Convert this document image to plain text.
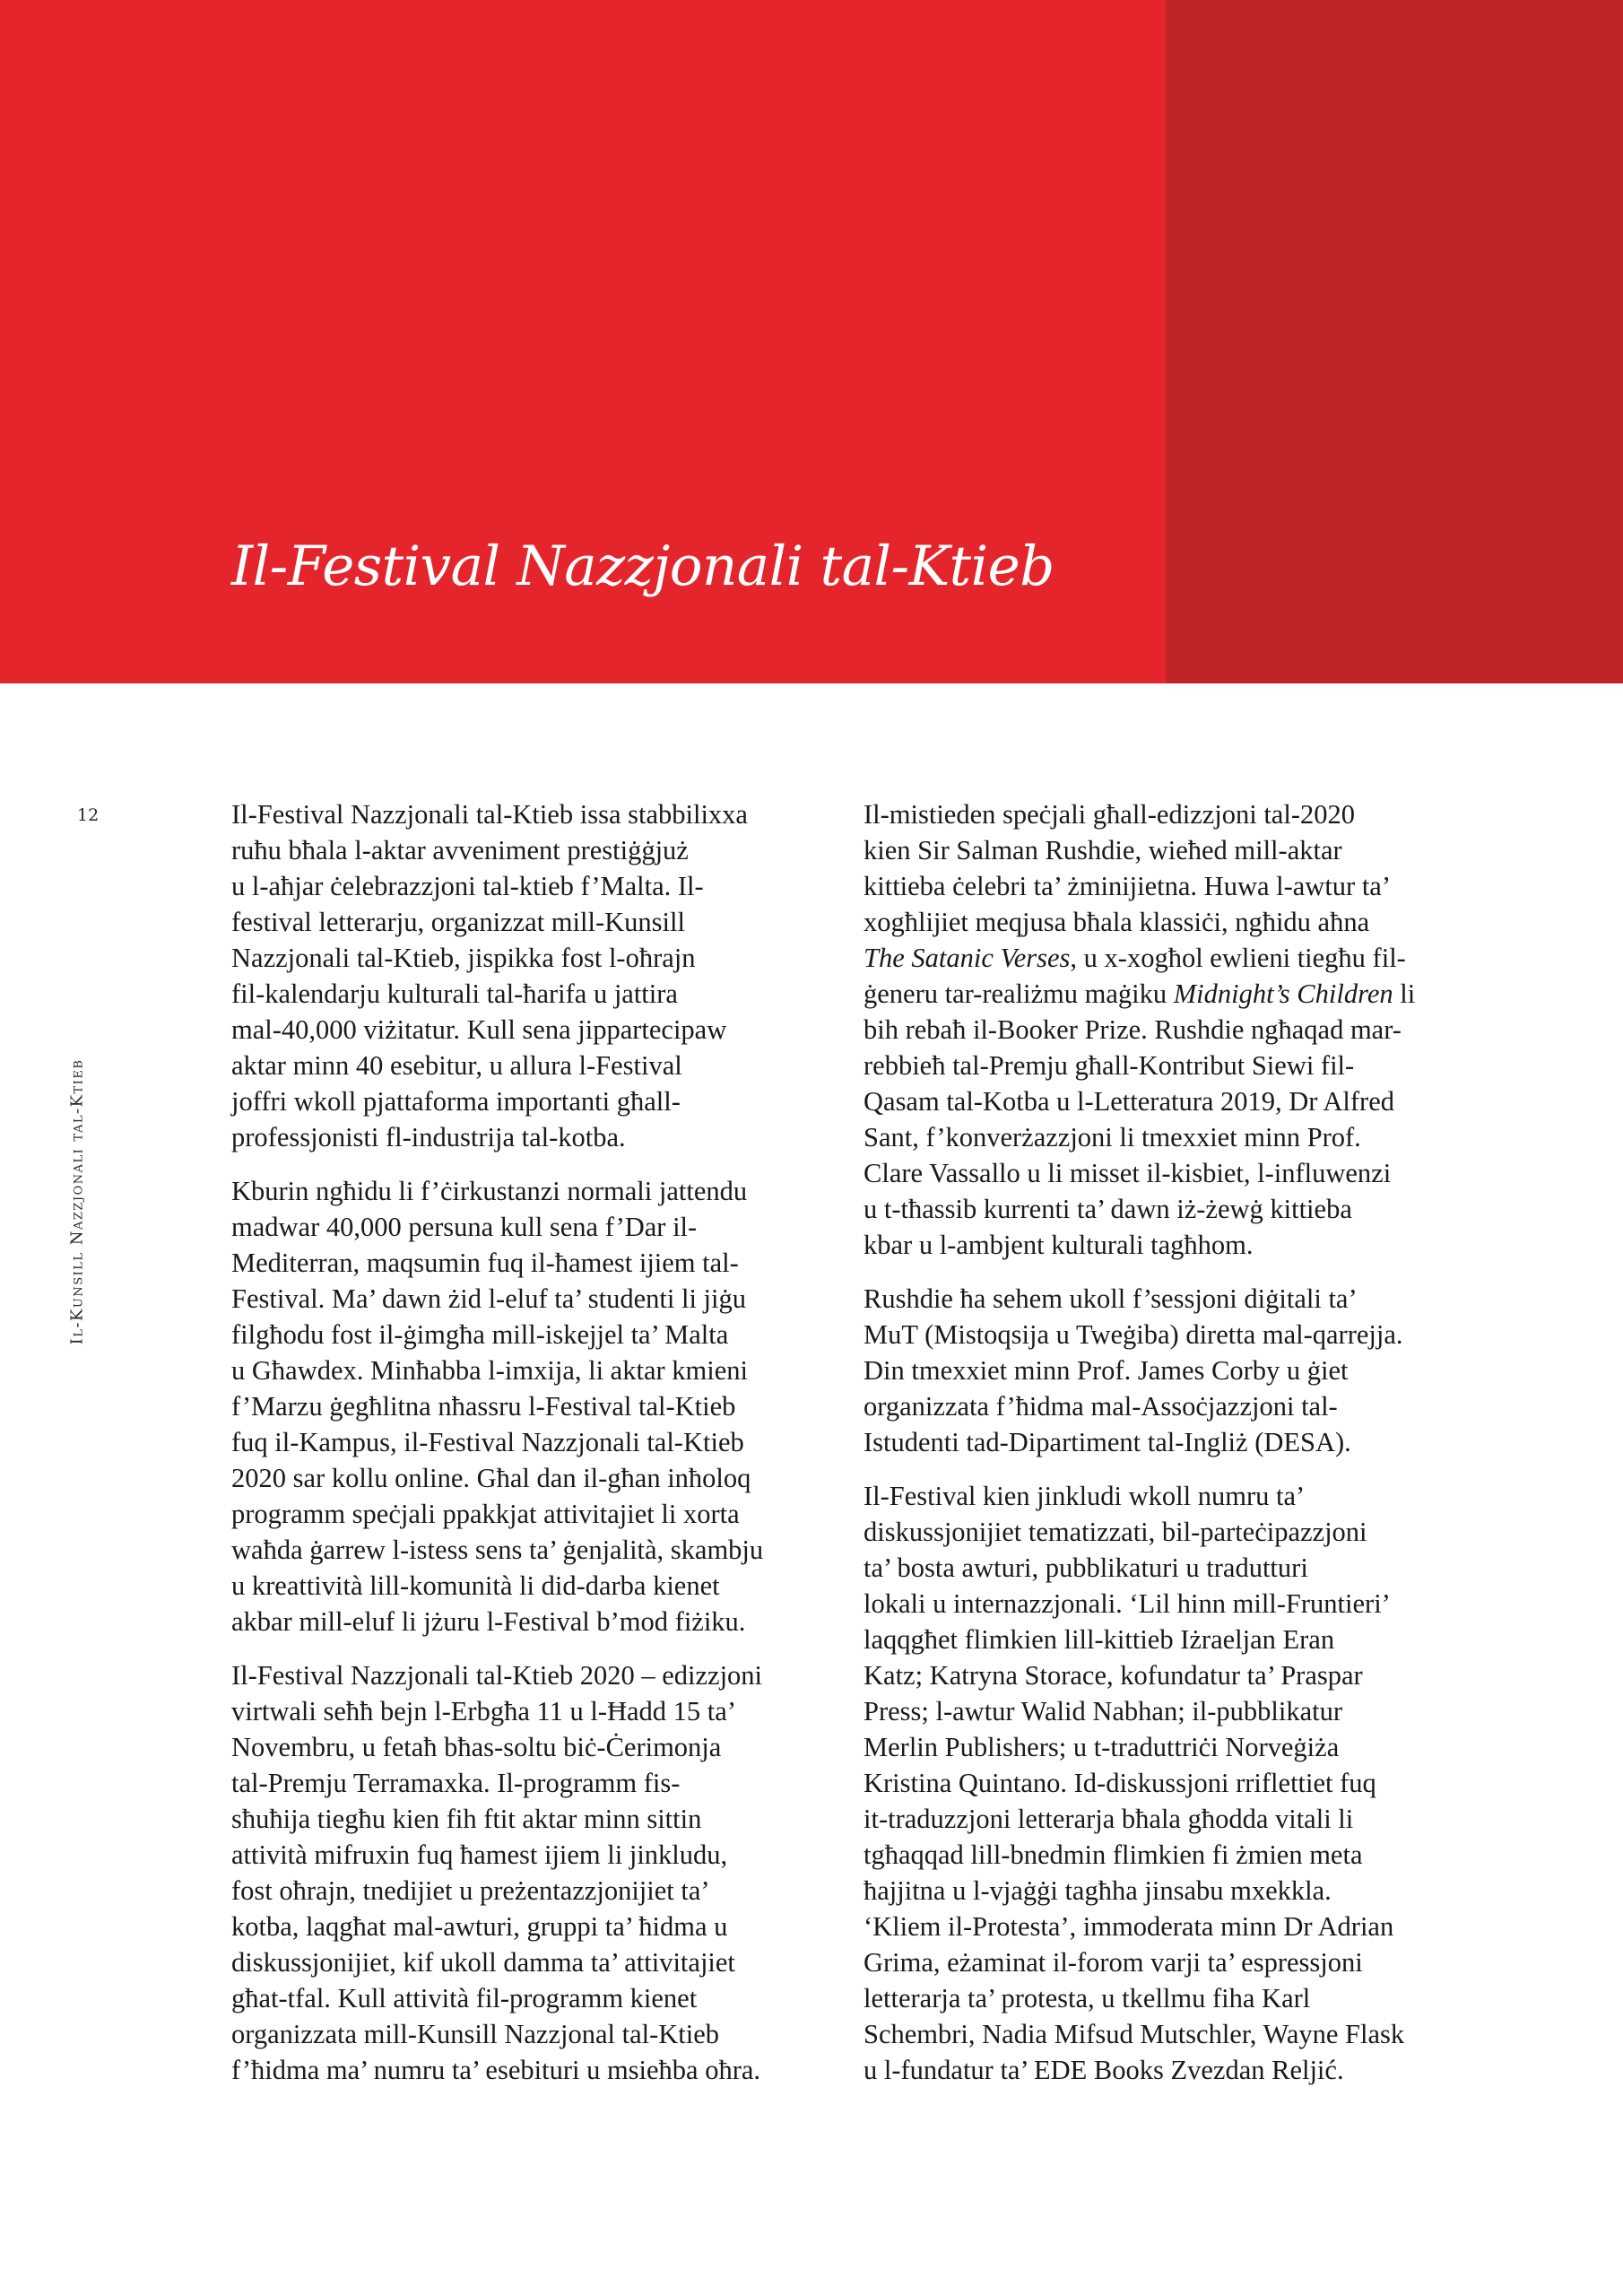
Il-Festival Nazzjonali tal-Ktieb
12
Il-Kunsill Nazzjonali tal-Ktieb

Il-Festival Nazzjonali tal-Ktieb issa stabbilixxa
ruħu bħala l-aktar avveniment prestiġġjuż
u l-aħjar ċelebrazzjoni tal-ktieb f’Malta. Il-
festival letterarju, organizzat mill-Kunsill
Nazzjonali tal-Ktieb, jispikka fost l-oħrajn
fil-kalendarju kulturali tal-ħarifa u jattira
mal-40,000 viżitatur. Kull sena jippartecipaw
aktar minn 40 esebitur, u allura l-Festival
joffri wkoll pjattaforma importanti għall-
professjonisti fl-industrija tal-kotba.

Kburin ngħidu li f’ċirkustanzi normali jattendu
madwar 40,000 persuna kull sena f’Dar il-
Mediterran, maqsumin fuq il-ħamest ijiem tal-
Festival. Ma’ dawn żid l-eluf ta’ studenti li jiġu
filgħodu fost il-ġimgħa mill-iskejjel ta’ Malta
u Għawdex. Minħabba l-imxija, li aktar kmieni
f’Marzu ġegħlitna nħassru l-Festival tal-Ktieb
fuq il-Kampus, il-Festival Nazzjonali tal-Ktieb
2020 sar kollu online. Għal dan il-għan inħoloq
programm speċjali ppakkjat attivitajiet li xorta
waħda ġarrew l-istess sens ta’ ġenjalità, skambju
u kreattività lill-komunità li did-darba kienet
akbar mill-eluf li jżuru l-Festival b’mod fiżiku.

Il-Festival Nazzjonali tal-Ktieb 2020 – edizzjoni
virtwali seħħ bejn l-Erbgħa 11 u l-Ħadd 15 ta’
Novembru, u fetaħ bħas-soltu biċ-Ċerimonja
tal-Premju Terramaxka. Il-programm fis-
sħuħija tiegħu kien fih ftit aktar minn sittin
attività mifruxin fuq ħamest ijiem li jinkludu,
fost oħrajn, tnedijiet u preżentazzjonijiet ta’
kotba, laqgħat mal-awturi, gruppi ta’ ħidma u
diskussjonijiet, kif ukoll damma ta’ attivitajiet
għat-tfal. Kull attività fil-programm kienet
organizzata mill-Kunsill Nazzjonal tal-Ktieb
f’ħidma ma’ numru ta’ esebituri u msieħba oħra.

Il-mistieden speċjali għall-edizzjoni tal-2020
kien Sir Salman Rushdie, wieħed mill-aktar
kittieba ċelebri ta’ żminijietna. Huwa l-awtur ta’
xogħlijiet meqjusa bħala klassiċi, ngħidu aħna
The Satanic Verses, u x-xogħol ewlieni tiegħu fil-
ġeneru tar-realiżmu maġiku Midnight’s Children li
bih rebaħ il-Booker Prize. Rushdie ngħaqad mar-
rebbieħ tal-Premju għall-Kontribut Siewi fil-
Qasam tal-Kotba u l-Letteratura 2019, Dr Alfred
Sant, f’konverżazzjoni li tmexxiet minn Prof.
Clare Vassallo u li misset il-kisbiet, l-influwenzi
u t-tħassib kurrenti ta’ dawn iż-żewġ kittieba
kbar u l-ambjent kulturali tagħhom.

Rushdie ħa sehem ukoll f’sessjoni diġitali ta’
MuT (Mistoqsija u Tweġiba) diretta mal-qarrejja.
Din tmexxiet minn Prof. James Corby u ġiet
organizzata f’ħidma mal-Assoċjazzjoni tal-
Istudenti tad-Dipartiment tal-Ingliż (DESA).

Il-Festival kien jinkludi wkoll numru ta’
diskussjonijiet tematizzati, bil-parteċipazzjoni
ta’ bosta awturi, pubblikaturi u tradutturi
lokali u internazzjonali. ‘Lil hinn mill-Fruntieri’
laqqgħet flimkien lill-kittieb Iżraeljan Eran
Katz; Katryna Storace, kofundatur ta’ Praspar
Press; l-awtur Walid Nabhan; il-pubblikatur
Merlin Publishers; u t-traduttriċi Norveġiża
Kristina Quintano. Id-diskussjoni rriflettiet fuq
it-traduzzjoni letterarja bħala għodda vitali li
tgħaqqad lill-bnedmin flimkien fi żmien meta
ħajjitna u l-vjaġġi tagħha jinsabu mxekkla.
‘Kliem il-Protesta’, immoderata minn Dr Adrian
Grima, eżaminat il-forom varji ta’ espressjoni
letterarja ta’ protesta, u tkellmu fiha Karl
Schembri, Nadia Mifsud Mutschler, Wayne Flask
u l-fundatur ta’ EDE Books Zvezdan Reljić.
